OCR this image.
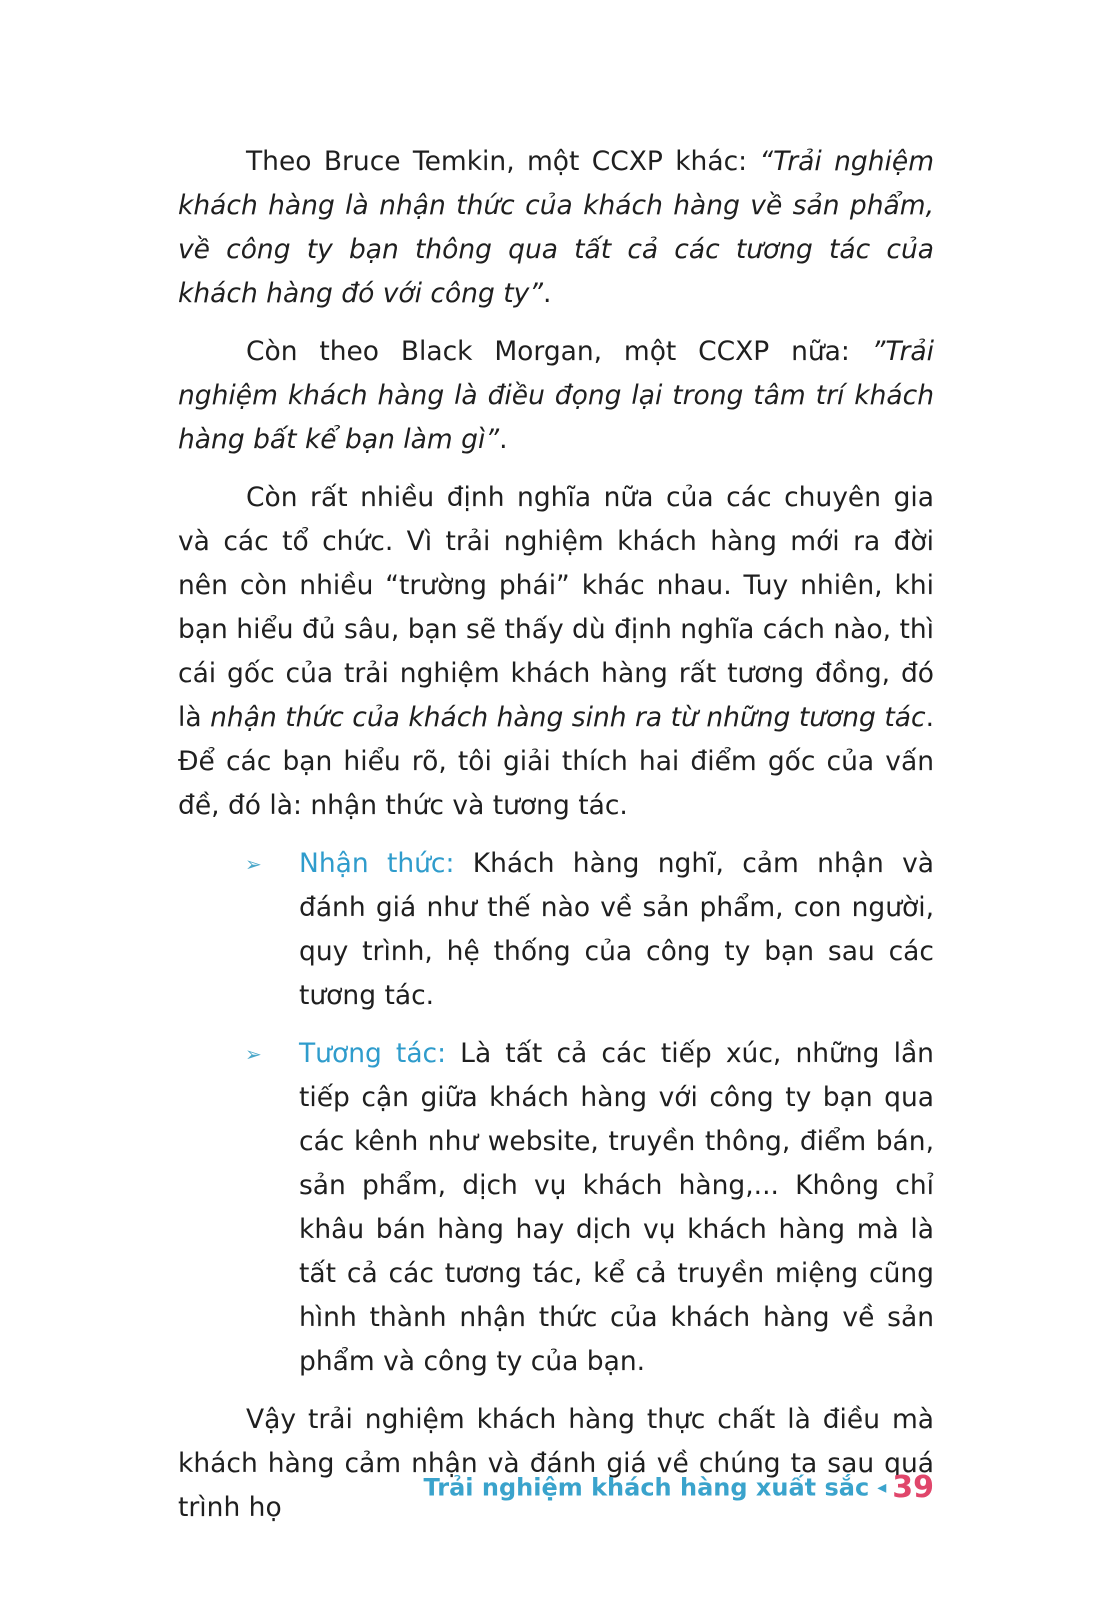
Theo Bruce Temkin, một CCXP khác: “Trải nghiệm khách hàng là nhận thức của khách hàng về sản phẩm, về công ty bạn thông qua tất cả các tương tác của khách hàng đó với công ty”.

Còn theo Black Morgan, một CCXP nữa: ”Trải nghiệm khách hàng là điều đọng lại trong tâm trí khách hàng bất kể bạn làm gì”.

Còn rất nhiều định nghĩa nữa của các chuyên gia và các tổ chức. Vì trải nghiệm khách hàng mới ra đời nên còn nhiều “trường phái” khác nhau. Tuy nhiên, khi bạn hiểu đủ sâu, bạn sẽ thấy dù định nghĩa cách nào, thì cái gốc của trải nghiệm khách hàng rất tương đồng, đó là nhận thức của khách hàng sinh ra từ những tương tác. Để các bạn hiểu rõ, tôi giải thích hai điểm gốc của vấn đề, đó là: nhận thức và tương tác.

➢ Nhận thức: Khách hàng nghĩ, cảm nhận và đánh giá như thế nào về sản phẩm, con người, quy trình, hệ thống của công ty bạn sau các tương tác.
➢ Tương tác: Là tất cả các tiếp xúc, những lần tiếp cận giữa khách hàng với công ty bạn qua các kênh như website, truyền thông, điểm bán, sản phẩm, dịch vụ khách hàng,... Không chỉ khâu bán hàng hay dịch vụ khách hàng mà là tất cả các tương tác, kể cả truyền miệng cũng hình thành nhận thức của khách hàng về sản phẩm và công ty của bạn.

Vậy trải nghiệm khách hàng thực chất là điều mà khách hàng cảm nhận và đánh giá về chúng ta sau quá trình họ

Trải nghiệm khách hàng xuất sắc ◂ 39
